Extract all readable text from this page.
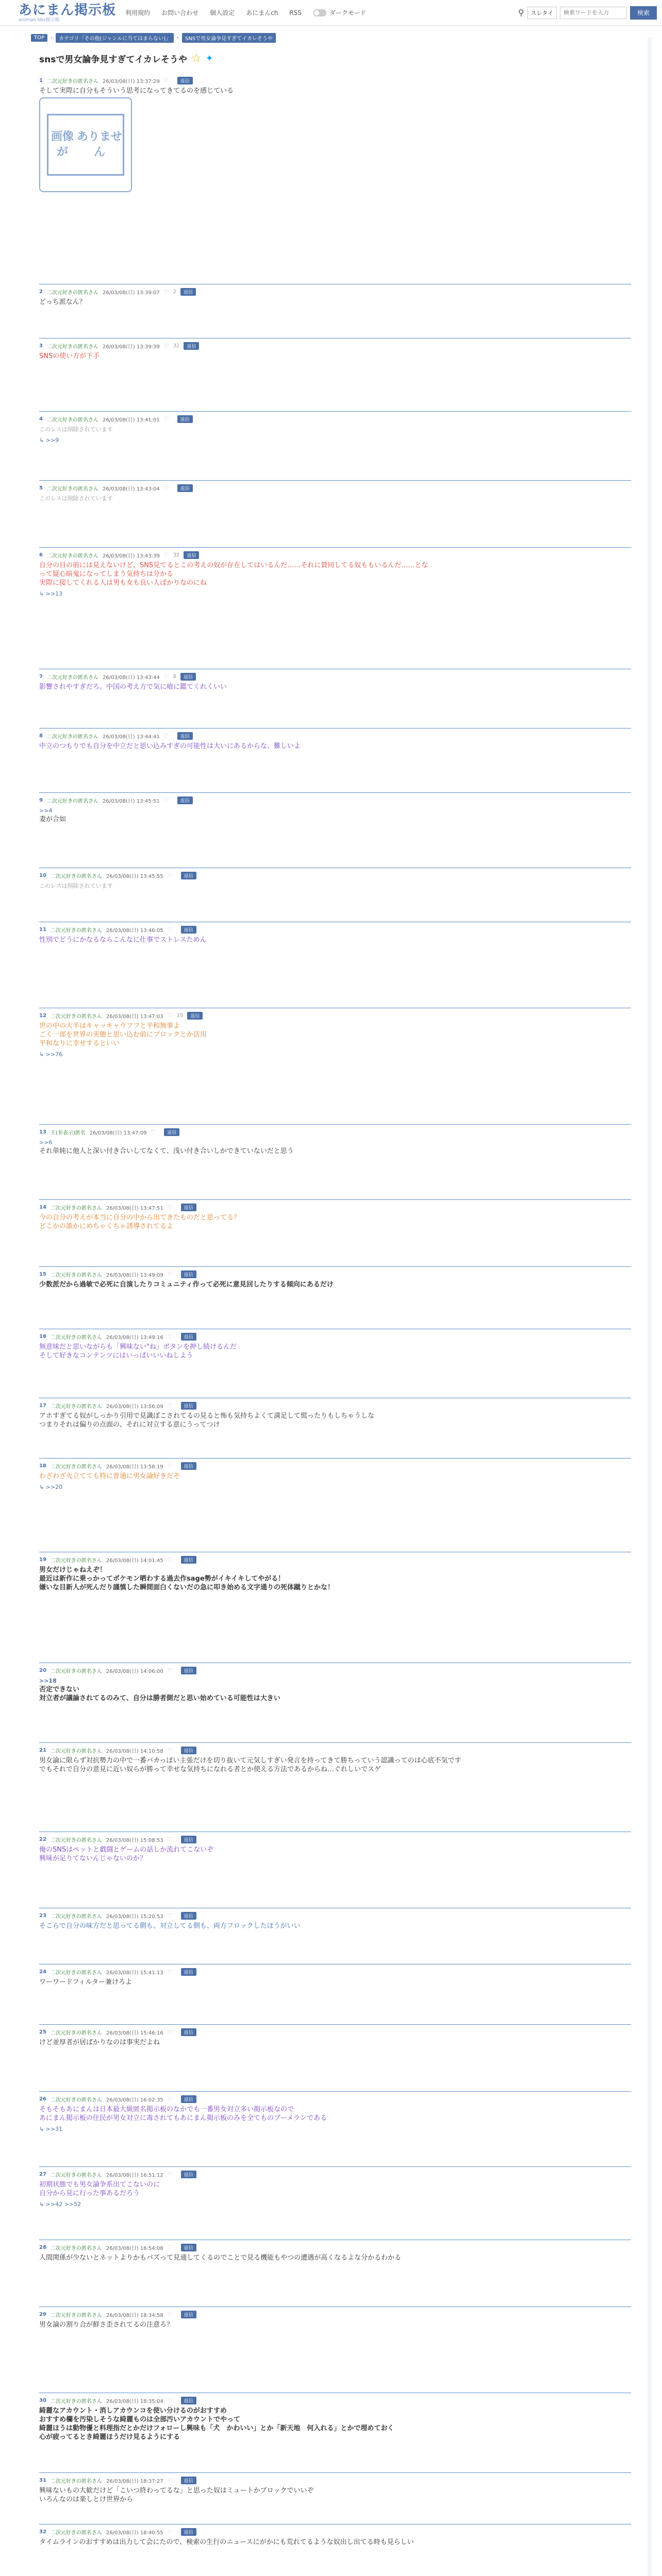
あにまん掲示板
animan bbs掲示板
利用規約 お問い合わせ 個人設定 あにまんch RSS	ダークモード	⚲	スレタイ
検索ワードを入力	検索
TOP	›	カテゴリ「その他(ジャンルに当てはまらない)」	›	SNSで男女論争見すぎてイカレそうや
snsで男女論争見すぎてイカレそうや ☆ ✦
1 二次元好きの匿名さん 26/03/08(日) 13:37:29 ♡	返信
そして実際に自分もそういう思考になってきてるのを感じている
画像が
ありません
2 二次元好きの匿名さん 26/03/08(日) 13:39:07 ♡ 2	返信
どっち派なん？
3 二次元好きの匿名さん 26/03/08(日) 13:39:39 ♡ 32	返信
SNSの使い方が下手
4 二次元好きの匿名さん 26/03/08(日) 13:41:01 ♡	返信
このレスは削除されています
↳ >>9
5 二次元好きの匿名さん 26/03/08(日) 13:43:04 ♡	返信
このレスは削除されています
6 二次元好きの匿名さん 26/03/08(日) 13:43:39 ♡ 32	返信
自分の目の前には見えないけど、SNS見てるとこの考えの奴が存在してはいるんだ……それに賛同してる奴ももいるんだ……とな
って疑心暗鬼になってしまう気持ちは分かる
実際に接してくれる人は男も女も良い人ばかりなのにね
↳ >>13
7 二次元好きの匿名さん 26/03/08(日) 13:43:44 ♡ 8	返信
影響されやすぎだろ。中国の考え方で気に喰に鑑てくれくいい
8 二次元好きの匿名さん 26/03/08(日) 13:44:41 ♡	返信
中立のつもりでも自分を中立だと思い込みすぎの可能性は大いにあるからな、難しいよ
9 二次元好きの匿名さん 26/03/08(日) 13:45:51 ♡	返信
>>4
妻が合如
10 二次元好きの匿名さん 26/03/08(日) 13:45:55 ♡	返信
このレスは削除されています
11 二次元好きの匿名さん 26/03/08(日) 13:46:05 ♡	返信
性別でどうにかなるならこんなに仕事でストレスためん
12 二次元好きの匿名さん 26/03/08(日) 13:47:03 ♡ 15	返信
世の中の大半はキャッキャウフフと平和無事よ
ごく一部を世界の実態と思い込む前にブロックとか活用
平和なりに幸せするといい
↳ >>76
13 主(非表示)匿名 26/03/08(日) 13:47:09 ♡	返信
>>6
それ単純に他人と深い付き合いしてなくて、浅い付き合いしかできていないだと思う
14 二次元好きの匿名さん 26/03/08(日) 13:47:51 ♡	返信
今の自分の考えが本当に自分の中から出てきたものだと思ってる？
どこかの誰かにめちゃくちゃ誘導されてるよ
15 二次元好きの匿名さん 26/03/08(日) 13:49:09 ♡	返信
少数派だから過敏で必死に自演したりコミュニティ作って必死に意見回したりする傾向にあるだけ
16 二次元好きの匿名さん 26/03/08(日) 13:49:16 ♡	返信
無意味だと思いながらも「興味ない"ね」ボタンを押し続けるんだ
そして好きなコンテンツにはいっぱいいいねしよう
17 二次元好きの匿名さん 26/03/08(日) 13:56:09 ♡	返信
アホすぎてる奴がしっかり引用で見識ぼこされてるの見ると怖も気持ちよくて満足して慌ったりもしちゃうしな
つまりそれは偏りの点面の、それに対立する意にうってつけ
18 二次元好きの匿名さん 26/03/08(日) 13:58:19 ♡	返信
わざわざ火立てても特に普通に男女論好きだぞ
↳ >>20
19 二次元好きの匿名さん 26/03/08(日) 14:01:45 ♡	返信
男女だけじゃねえぞ！
最近は新作に乗っかってポケモン晒わする過去作sage勢がイキイキしてやがる！
嫌いな目新人が死んだり謹慎した瞬間面白くないだの急に叩き始める文字通りの死体蹴りとかな！
20 二次元好きの匿名さん 26/03/08(日) 14:06:00 ♡	返信
>>18
否定できない
対立者が議論されてるのみて、自分は勝者側だと思い始めている可能性は大きい
21 二次元好きの匿名さん 26/03/08(日) 14:10:58 ♡	返信
男女論に限らず対抗勢力の中で一番バカっぽい主張だけを切り抜いて元気しすぎい発言を持ってきて勝ちっていう認識ってのは心底不気です
でもそれで自分の意見に近い奴らが勝って幸せな気持ちになれる者とか使える方法であるからね…ぐれしいでスゲ
22 二次元好きの匿名さん 26/03/08(日) 15:08:53 ♡	返信
俺のSNSはペットと戯闘とゲームの話しか流れてこないぞ
興味が足りてないんじゃないのか？
23 二次元好きの匿名さん 26/03/08(日) 15:20:53 ♡	返信
そこらで自分の味方だと思ってる側も、対立してる側も、両方フロックしたほうがいい
24 二次元好きの匿名さん 26/03/08(日) 15:41:13 ♡	返信
ワーワードフィルター兼けろよ
25 二次元好きの匿名さん 26/03/08(日) 15:46:16 ♡	返信
けど並厚者が居ばかりなのは事実だよね
26 二次元好きの匿名さん 26/03/08(日) 16:02:35 ♡	返信
そもそもあにまんは日本最大級匿名掲示板のなかでも一番男女対立多い掲示板なので
あにまん掲示板の住民が男女対立に毒されてもあにまん掲示板のみを全てものブーメランである
↳ >>31
27 二次元好きの匿名さん 26/03/08(日) 16:51:12 ♡	返信
初期状態でも男女論争系出てこないのに
自分から見に行った事あるだろう
↳ >>42 >>52
28 二次元好きの匿名さん 26/03/08(日) 16:54:08 ♡	返信
人間関係が少ないとネットよりかもバズって見通してくるのでことで見る機能もやつの遭遇が高くなるよな分かるわかる
29 二次元好きの匿名さん 26/03/08(日) 18:34:58 ♡	返信
男女論の割り合が鮮さ歪されてるの注意ろ？
30 二次元好きの匿名さん 26/03/08(日) 18:35:04 ♡	返信
綺麗なアカウント・消しアカウンコを使い分けるのがおすすめ
おすすめ欄を汚染しそうな綺麗ものは全部汚いアカウントでやって
綺麗ほうは動物優と料理指だとかだけフォローし興味も「犬　かわいい」とか「新天地　何入れる」とかで埋めておく
心が疲ってるとき綺麗ほうだけ見るようにする
31 二次元好きの匿名さん 26/03/08(日) 18:37:27 ♡	返信
興味ないもの大歓だけど「こいつ終わってるな」と思った奴はミュートかブロックでいいぞ
いろんなのは楽しとけ世界から
32 二次元好きの匿名さん 26/03/08(日) 18:40:55 ♡	返信
タイムラインのおすすめは出力して会にたので、検索の生行のニュースにがかにも荒れてるような奴出し出てる時も見らしい
